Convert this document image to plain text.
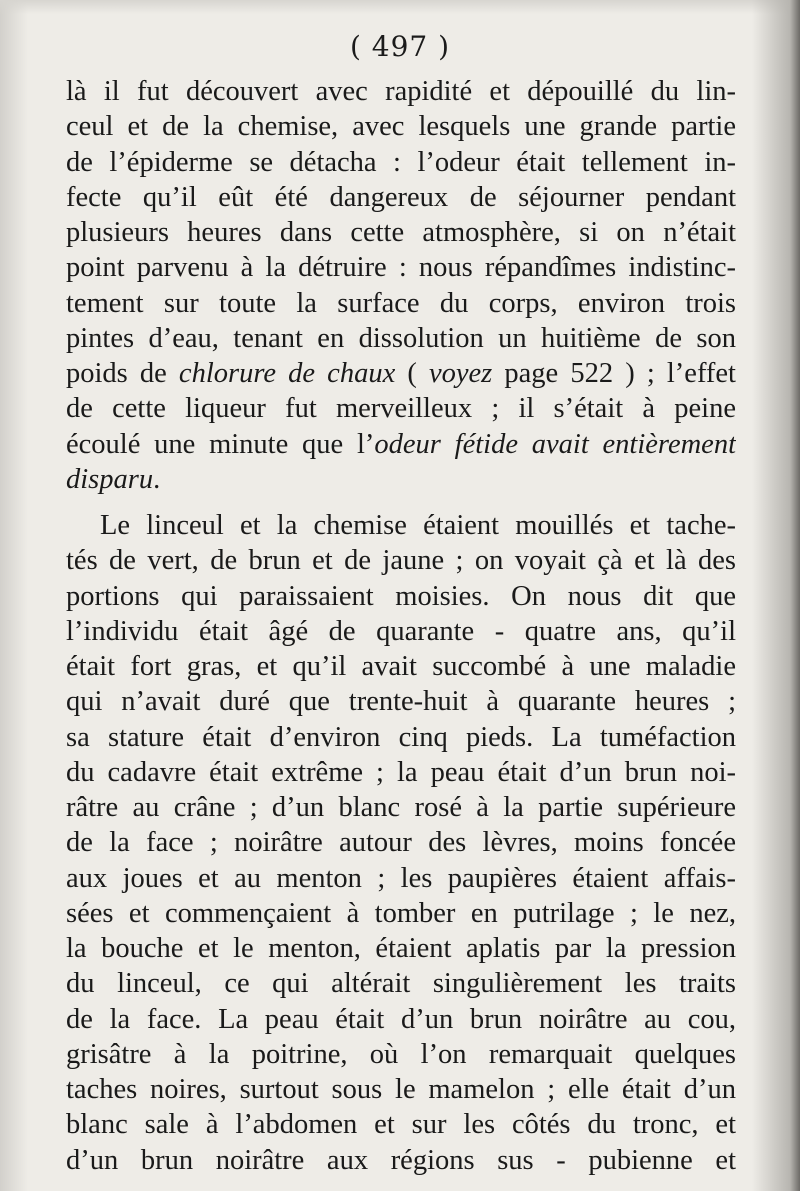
( 497 )
là il fut découvert avec rapidité et dépouillé du lin-
ceul et de la chemise, avec lesquels une grande partie
de l’épiderme se détacha : l’odeur était tellement in-
fecte qu’il eût été dangereux de séjourner pendant
plusieurs heures dans cette atmosphère, si on n’était
point parvenu à la détruire : nous répandîmes indistinc-
tement sur toute la surface du corps, environ trois
pintes d’eau, tenant en dissolution un huitième de son
poids de chlorure de chaux ( voyez page 522 ) ; l’effet
de cette liqueur fut merveilleux ; il s’était à peine
écoulé une minute que l’odeur fétide avait entièrement
disparu.
Le linceul et la chemise étaient mouillés et tache-
tés de vert, de brun et de jaune ; on voyait çà et là des
portions qui paraissaient moisies. On nous dit que
l’individu était âgé de quarante - quatre ans, qu’il
était fort gras, et qu’il avait succombé à une maladie
qui n’avait duré que trente-huit à quarante heures ;
sa stature était d’environ cinq pieds. La tuméfaction
du cadavre était extrême ; la peau était d’un brun noi-
râtre au crâne ; d’un blanc rosé à la partie supérieure
de la face ; noirâtre autour des lèvres, moins foncée
aux joues et au menton ; les paupières étaient affais-
sées et commençaient à tomber en putrilage ; le nez,
la bouche et le menton, étaient aplatis par la pression
du linceul, ce qui altérait singulièrement les traits
de la face. La peau était d’un brun noirâtre au cou,
grisâtre à la poitrine, où l’on remarquait quelques
taches noires, surtout sous le mamelon ; elle était d’un
blanc sale à l’abdomen et sur les côtés du tronc, et
d’un brun noirâtre aux régions sus - pubienne et
